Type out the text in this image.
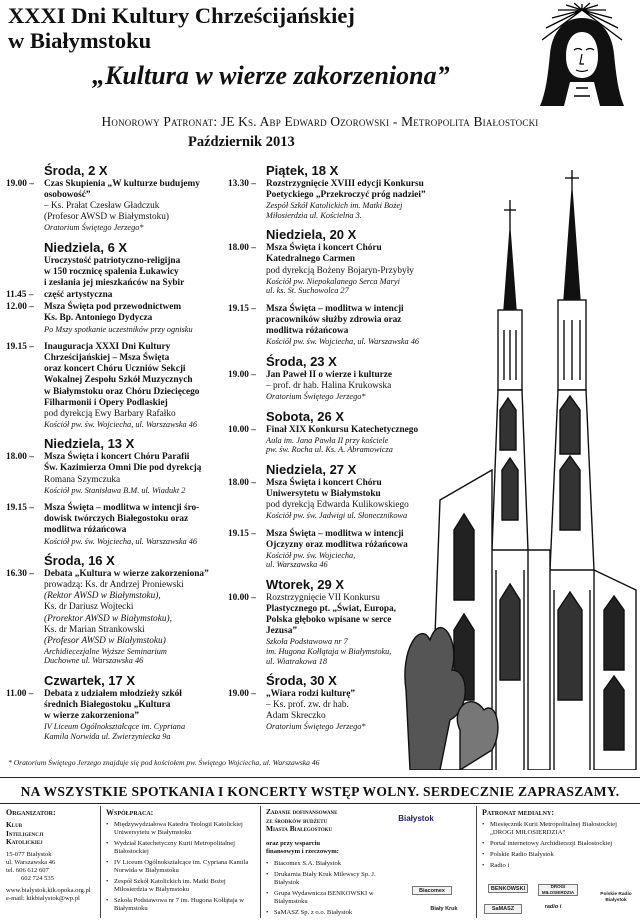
XXXI Dni Kultury Chrześcijańskiej
w Białymstoku
„Kultura w wierze zakorzeniona”
Honorowy Patronat: JE Ks. Abp Edward Ozorowski - Metropolita Białostocki
Październik 2013
Środa, 2 X
19.00 –	Czas Skupienia „W kulturze budujemy
osobowość”
– Ks. Prałat Czesław Gładczuk
(Profesor AWSD w Białymstoku)
Oratorium Świętego Jerzego*
Niedziela, 6 X
Uroczystość patriotyczno-religijna
w 150 rocznicę spalenia Łukawicy
i zesłania jej mieszkańców na Sybir
11.45 –	część artystyczna
12.00 –	Msza Święta pod przewodnictwem
Ks. Bp. Antoniego Dydycza
Po Mszy spotkanie uczestników przy ognisku
19.15 –	Inauguracja XXXI Dni Kultury
Chrześcijańskiej – Msza Święta
oraz koncert Chóru Uczniów Sekcji
Wokalnej Zespołu Szkół Muzycznych
w Białymstoku oraz Chóru Dziecięcego
Filharmonii i Opery Podlaskiej
pod dyrekcją Ewy Barbary Rafałko
Kościół pw. św. Wojciecha, ul. Warszawska 46
Niedziela, 13 X
18.00 –	Msza Święta i koncert Chóru Parafii
Św. Kazimierza Omni Die pod dyrekcją
Romana Szymczuka
Kościół pw. Stanisława B.M. ul. Wiadukt 2
19.15 –	Msza Święta – modlitwa w intencji śro-
dowisk twórczych Białegostoku oraz
modlitwa różańcowa
Kościół pw. św. Wojciecha, ul. Warszawska 46
Środa, 16 X
16.30 –	Debata „Kultura w wierze zakorzeniona”
prowadzą: Ks. dr Andrzej Proniewski
(Rektor AWSD w Białymstoku),
Ks. dr Dariusz Wojtecki
(Prorektor AWSD w Białymstoku),
Ks. dr Marian Strankowski
(Profesor AWSD w Białymstoku)
Archidiecezjalne Wyższe Seminarium
Duchowne ul. Warszawska 46
Czwartek, 17 X
11.00 –	Debata z udziałem młodzieży szkół
średnich Białegostoku „Kultura
w wierze zakorzeniona”
IV Liceum Ogólnokształcące im. Cypriana
Kamila Norwida ul. Zwierzyniecka 9a
Piątek, 18 X
13.30 –	Rozstrzygnięcie XVIII edycji Konkursu
Poetyckiego „Przekroczyć próg nadziei”
Zespół Szkół Katolickich im. Matki Bożej
Miłosierdzia ul. Kościelna 3.
Niedziela, 20 X
18.00 –	Msza Święta i koncert Chóru
Katedralnego Carmen
pod dyrekcją Bożeny Bojaryn-Przybyły
Kościół pw. Niepokalanego Serca Maryi
ul. ks. St. Suchowolca 27
19.15 –	Msza Święta – modlitwa w intencji
pracowników służby zdrowia oraz
modlitwa różańcowa
Kościół pw. św. Wojciecha, ul. Warszawska 46
Środa, 23 X
19.00 –	Jan Paweł II o wierze i kulturze
– prof. dr hab. Halina Krukowska
Oratorium Świętego Jerzego*
Sobota, 26 X
10.00 –	Finał XIX Konkursu Katechetycznego
Aula im. Jana Pawła II przy kościele
pw. św. Rocha ul. Ks. A. Abramowicza
Niedziela, 27 X
18.00 –	Msza Święta i koncert Chóru
Uniwersytetu w Białymstoku
pod dyrekcją Edwarda Kulikowskiego
Kościół pw. św. Jadwigi ul. Słonecznikowa
19.15 –	Msza Święta – modlitwa w intencji
Ojczyzny oraz modlitwa różańcowa
Kościół pw. św. Wojciecha,
ul. Warszawska 46
Wtorek, 29 X
10.00 –	Rozstrzygnięcie VII Konkursu
Plastycznego pt. „Świat, Europa,
Polska głęboko wpisane w serce
Jezusa”
Szkoła Podstawowa nr 7
im. Hugona Kołłątaja w Białymstoku,
ul. Wiatrakowa 18
Środa, 30 X
19.00 –	„Wiara rodzi kulturę”
– Ks. prof. zw. dr hab.
Adam Skreczko
Oratorium Świętego Jerzego*
* Oratorium Świętego Jerzego znajduje się pod kościołem pw. Świętego Wojciecha, ul. Warszawska 46
NA WSZYSTKIE SPOTKANIA I KONCERTY WSTĘP WOLNY. SERDECZNIE ZAPRASZAMY.
Organizator:
Klub
Inteligencji
Katolickiej
15-077 Białystok
ul. Warszawska 46
tel. 606 612 607
602 724 535
www.bialystok.kik.opoka.org.pl
e-mail: kikbialystok@wp.pl
Współpraca:
• Międzywydziałowa Katedra Teologii Katolickiej Uniwersytetu w Białymstoku
• Wydział Katechetyczny Kurii Metropolitalnej Białostockiej
• IV Liceum Ogólnokształcące im. Cypriana Kamila Norwida w Białymstoku
• Zespół Szkół Katolickich im. Matki Bożej Miłosierdzia w Białymstoku
• Szkoła Podstawowa nr 7 im. Hugona Kołłątaja w Białymstoku
Zadanie dofinansowane
ze środków budżetu
Miasta Białegostoku
oraz przy wsparciu
finansowym i rzeczowym:
• Biacomex S.A. Białystok
• Drukarnia Biały Kruk Milewscy Sp. J. Białystok
• Grupa Wydawnicza BENKOWSKI w Białymstoku
• SaMASZ Sp. z o.o. Białystok
Patronat medialny:
• Miesięcznik Kurii Metropolitalnej Białostockiej „DROGI MIŁOSIERDZIA”
• Portal internetowy Archidiecezji Białostockiej
• Polskie Radio Białystok
• Radio i
Białystok
Biacomex	BENKOWSKI	DROGI MIŁOSIERDZIA
radio i
Biały Kruk	SaMASZ
Polskie Radio Białystok
